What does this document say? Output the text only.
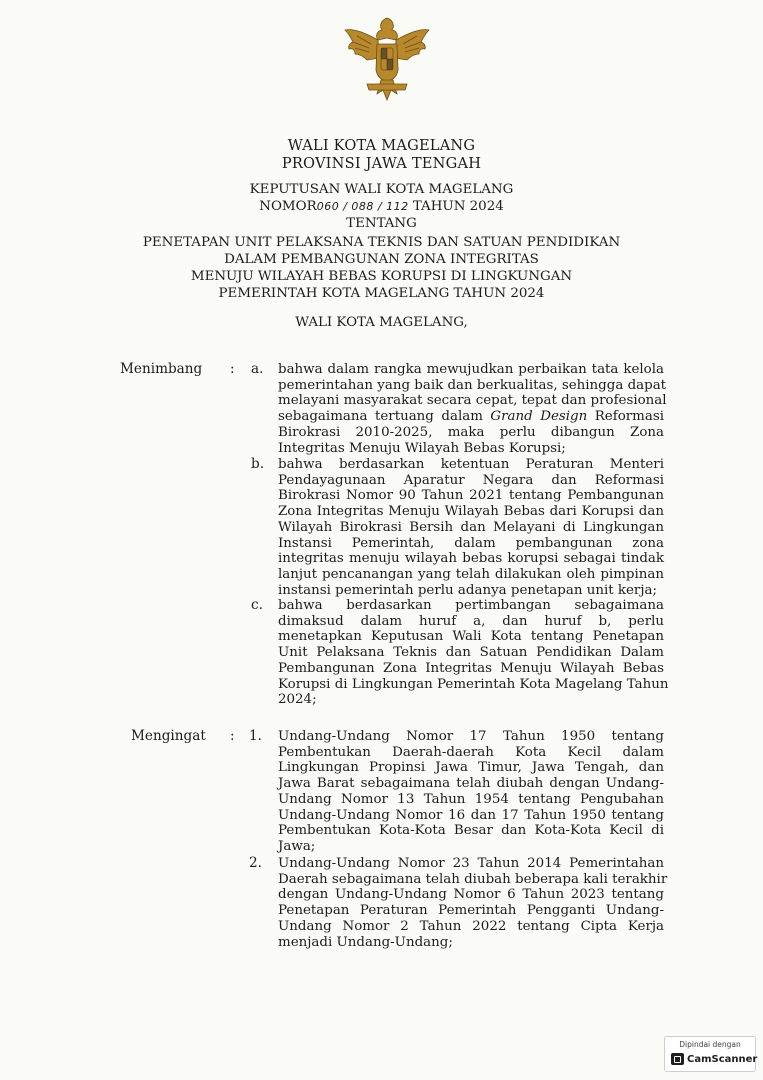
WALI KOTA MAGELANG
PROVINSI JAWA TENGAH
KEPUTUSAN WALI KOTA MAGELANG
NOMOR060 / 088 / 112 TAHUN 2024
TENTANG
PENETAPAN UNIT PELAKSANA TEKNIS DAN SATUAN PENDIDIKAN
DALAM PEMBANGUNAN ZONA INTEGRITAS
MENUJU WILAYAH BEBAS KORUPSI DI LINGKUNGAN
PEMERINTAH KOTA MAGELANG TAHUN 2024
WALI KOTA MAGELANG,
Menimbang : a. bahwa dalam rangka mewujudkan perbaikan tata kelola
pemerintahan yang baik dan berkualitas, sehingga dapat
melayani masyarakat secara cepat, tepat dan profesional
sebagaimana tertuang dalam Grand Design Reformasi
Birokrasi 2010-2025, maka perlu dibangun Zona
Integritas Menuju Wilayah Bebas Korupsi;
b. bahwa berdasarkan ketentuan Peraturan Menteri
Pendayagunaan Aparatur Negara dan Reformasi
Birokrasi Nomor 90 Tahun 2021 tentang Pembangunan
Zona Integritas Menuju Wilayah Bebas dari Korupsi dan
Wilayah Birokrasi Bersih dan Melayani di Lingkungan
Instansi Pemerintah, dalam pembangunan zona
integritas menuju wilayah bebas korupsi sebagai tindak
lanjut pencanangan yang telah dilakukan oleh pimpinan
instansi pemerintah perlu adanya penetapan unit kerja;
c. bahwa berdasarkan pertimbangan sebagaimana
dimaksud dalam huruf a, dan huruf b, perlu
menetapkan Keputusan Wali Kota tentang Penetapan
Unit Pelaksana Teknis dan Satuan Pendidikan Dalam
Pembangunan Zona Integritas Menuju Wilayah Bebas
Korupsi di Lingkungan Pemerintah Kota Magelang Tahun
2024;
Mengingat : 1. Undang-Undang Nomor 17 Tahun 1950 tentang
Pembentukan Daerah-daerah Kota Kecil dalam
Lingkungan Propinsi Jawa Timur, Jawa Tengah, dan
Jawa Barat sebagaimana telah diubah dengan Undang-
Undang Nomor 13 Tahun 1954 tentang Pengubahan
Undang-Undang Nomor 16 dan 17 Tahun 1950 tentang
Pembentukan Kota-Kota Besar dan Kota-Kota Kecil di
Jawa;
2. Undang-Undang Nomor 23 Tahun 2014 Pemerintahan
Daerah sebagaimana telah diubah beberapa kali terakhir
dengan Undang-Undang Nomor 6 Tahun 2023 tentang
Penetapan Peraturan Pemerintah Pengganti Undang-
Undang Nomor 2 Tahun 2022 tentang Cipta Kerja
menjadi Undang-Undang;
Dipindai dengan
CamScanner
